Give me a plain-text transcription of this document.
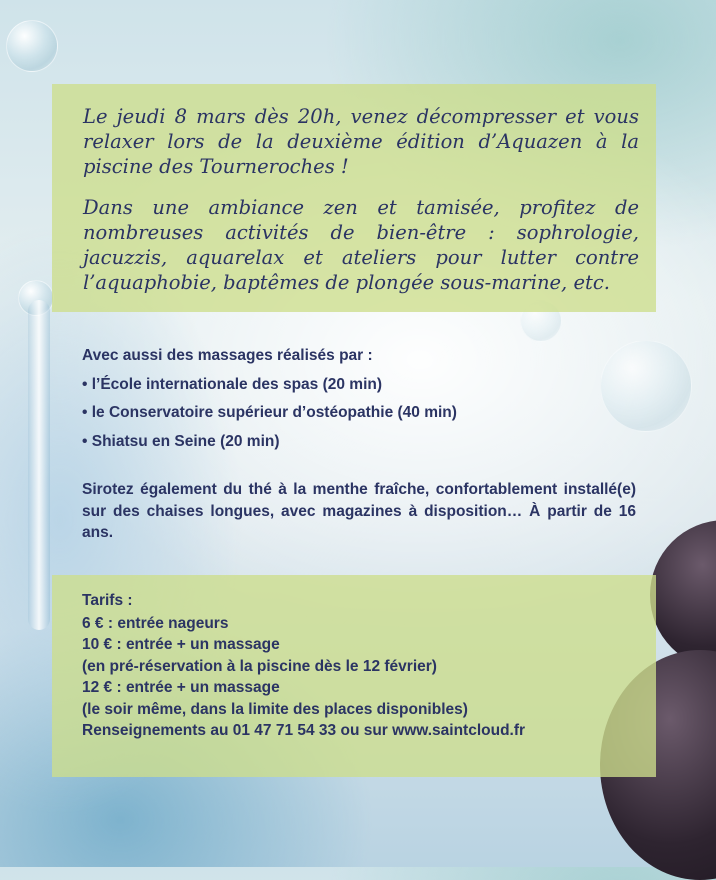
Le jeudi 8 mars dès 20h, venez décompresser et vous relaxer lors de la deuxième édition d’Aquazen à la piscine des Tourneroches !

Dans une ambiance zen et tamisée, profitez de nombreuses activités de bien-être : sophrologie, jacuzzis, aquarelax et ateliers pour lutter contre l’aquaphobie, baptêmes de plongée sous-marine, etc.

Avec aussi des massages réalisés par :

• l’École internationale des spas (20 min)
• le Conservatoire supérieur d’ostéopathie (40 min)
• Shiatsu en Seine (20 min)

Sirotez également du thé à la menthe fraîche, confortablement installé(e) sur des chaises longues, avec magazines à disposition… À partir de 16 ans.

Tarifs :

6 € : entrée nageurs

10 € : entrée + un massage

(en pré-réservation à la piscine dès le 12 février)

12 € : entrée + un massage

(le soir même, dans la limite des places disponibles)

Renseignements au 01 47 71 54 33 ou sur www.saintcloud.fr
